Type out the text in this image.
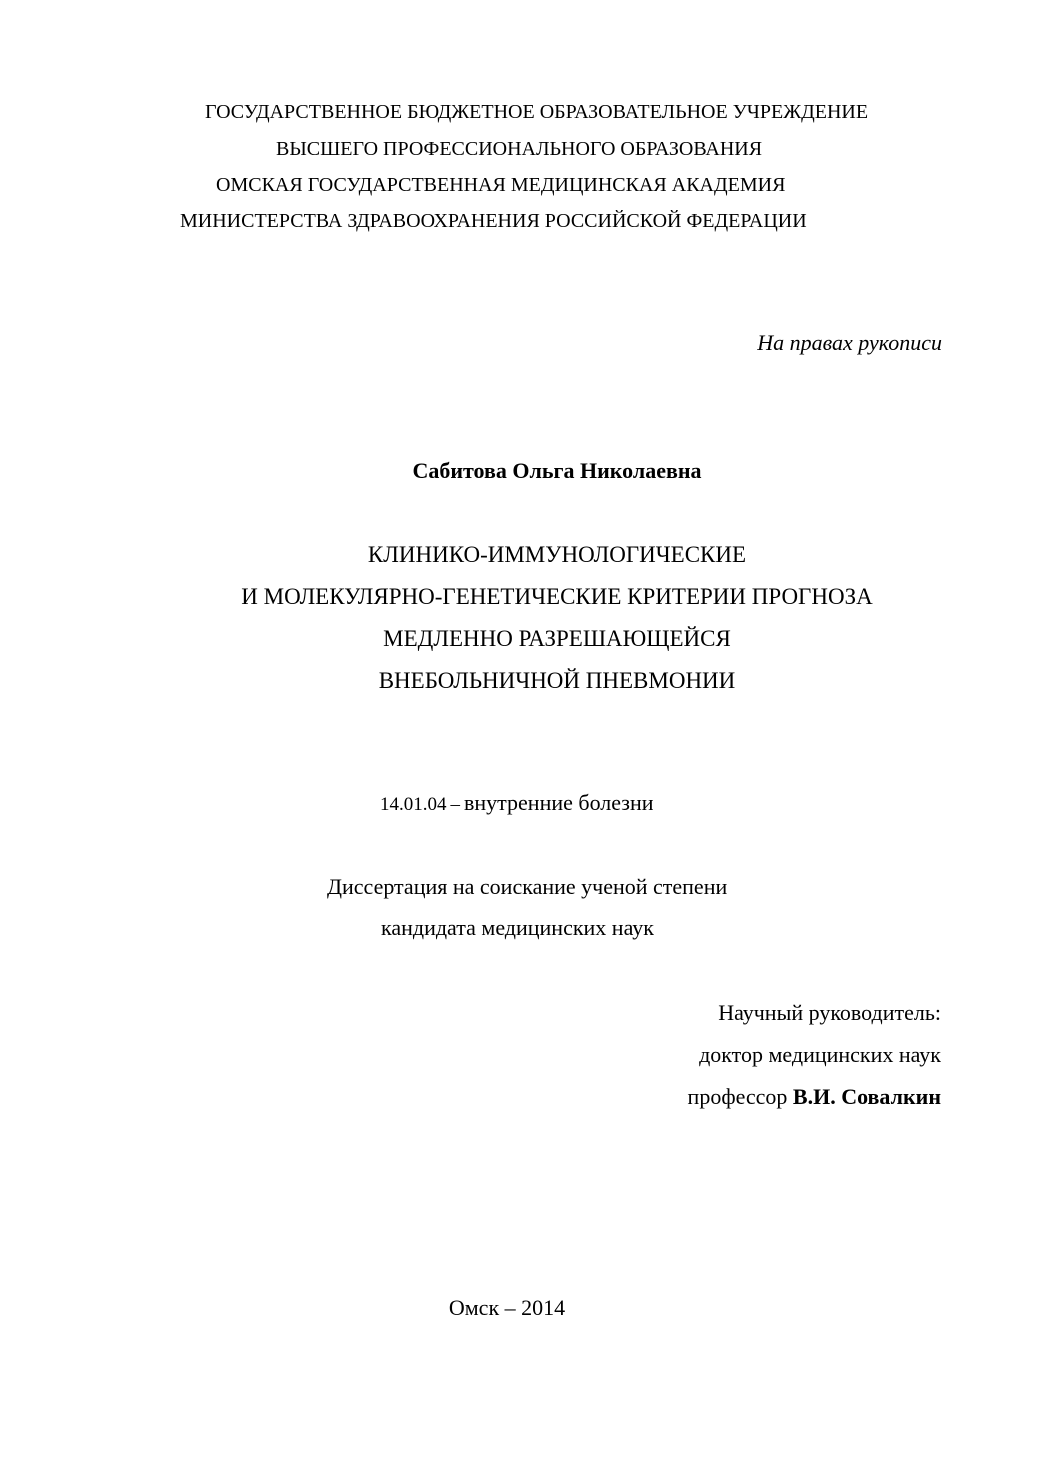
ГОСУДАРСТВЕННОЕ БЮДЖЕТНОЕ ОБРАЗОВАТЕЛЬНОЕ УЧРЕЖДЕНИЕ
ВЫСШЕГО ПРОФЕССИОНАЛЬНОГО ОБРАЗОВАНИЯ
ОМСКАЯ ГОСУДАРСТВЕННАЯ МЕДИЦИНСКАЯ АКАДЕМИЯ
МИНИСТЕРСТВА ЗДРАВООХРАНЕНИЯ РОССИЙСКОЙ ФЕДЕРАЦИИ
На правах рукописи
Сабитова Ольга Николаевна
КЛИНИКО-ИММУНОЛОГИЧЕСКИЕ
И МОЛЕКУЛЯРНО-ГЕНЕТИЧЕСКИЕ КРИТЕРИИ ПРОГНОЗА
МЕДЛЕННО РАЗРЕШАЮЩЕЙСЯ
ВНЕБОЛЬНИЧНОЙ ПНЕВМОНИИ
14.01.04 – внутренние болезни
Диссертация на соискание ученой степени
кандидата медицинских наук
Научный руководитель:
доктор медицинских наук
профессор В.И. Совалкин
Омск – 2014
